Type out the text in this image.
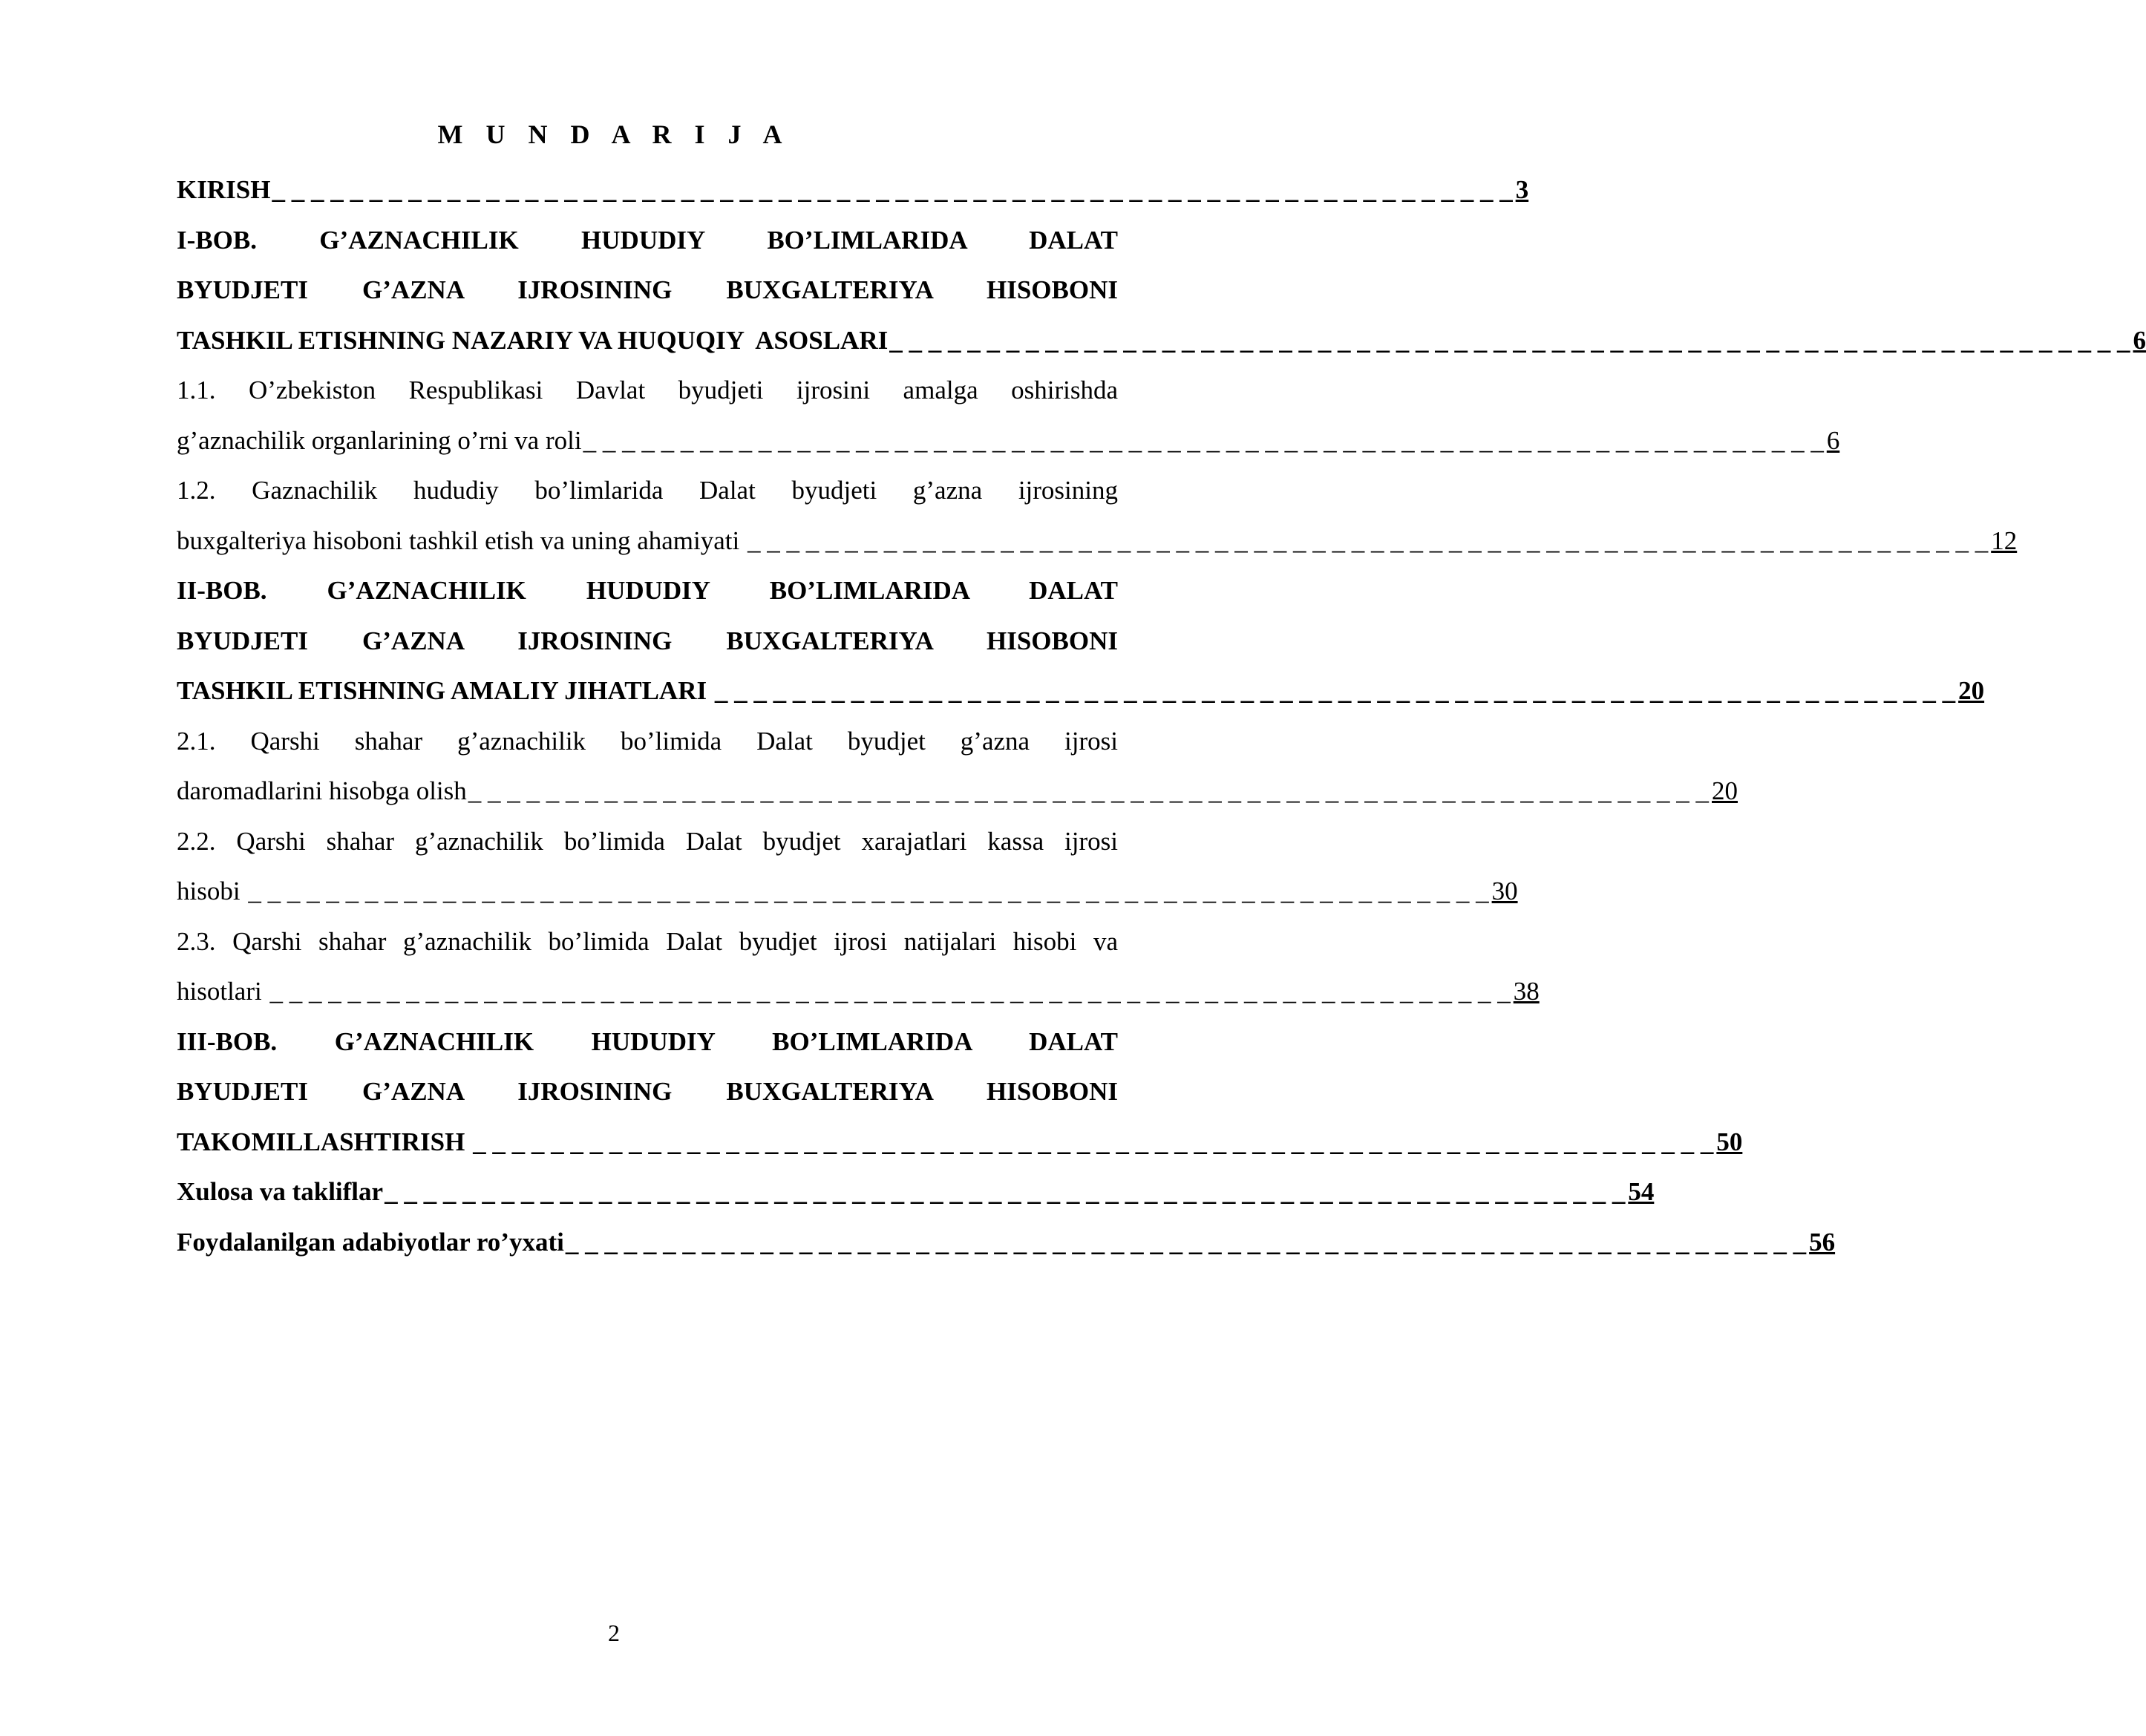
M U N D A R I J A
KIRISH _ _ _ _ _ _ _ _ _ _ _ _ _ _ _ _ _ _ _ _ _ _ _ _ _ _ _ _ _ _ _ _ _ _ _ _ _ _ _ _ _ _ _ _ _ _ _ _ _ _ _ _ _ _ _ _ _ _ _ _ _ _ _ _ 3
I-BOB. G’AZNACHILIK HUDUDIY BO’LIMLARIDA DALAT
BYUDJETI G’AZNA IJROSINING BUXGALTERIYA HISOBONI
TASHKIL ETISHNING NAZARIY VA HUQUQIY  ASOSLARI _ _ _ _ _ _ _ _ _ _ _ _ _ _ _ _ _ _ _ _ _ _ _ _ _ _ _ _ _ _ _ _ _ _ _ _ _ _ _ _ _ _ _ _ _ _ _ _ _ _ _ _ _ _ _ _ _ _ _ _ _ _ _ _ 6
1.1. O’zbekiston Respublikasi Davlat byudjeti ijrosini amalga oshirishda
g’aznachilik organlarining o’rni va roli _ _ _ _ _ _ _ _ _ _ _ _ _ _ _ _ _ _ _ _ _ _ _ _ _ _ _ _ _ _ _ _ _ _ _ _ _ _ _ _ _ _ _ _ _ _ _ _ _ _ _ _ _ _ _ _ _ _ _ _ _ _ _ _ 6
1.2. Gaznachilik hududiy bo’limlarida Dalat byudjeti g’azna ijrosining
buxgalteriya hisoboni tashkil etish va uning ahamiyati _ _ _ _ _ _ _ _ _ _ _ _ _ _ _ _ _ _ _ _ _ _ _ _ _ _ _ _ _ _ _ _ _ _ _ _ _ _ _ _ _ _ _ _ _ _ _ _ _ _ _ _ _ _ _ _ _ _ _ _ _ _ _ _ 12
II-BOB. G’AZNACHILIK HUDUDIY BO’LIMLARIDA DALAT
BYUDJETI G’AZNA IJROSINING BUXGALTERIYA HISOBONI
TASHKIL ETISHNING AMALIY JIHATLARI _ _ _ _ _ _ _ _ _ _ _ _ _ _ _ _ _ _ _ _ _ _ _ _ _ _ _ _ _ _ _ _ _ _ _ _ _ _ _ _ _ _ _ _ _ _ _ _ _ _ _ _ _ _ _ _ _ _ _ _ _ _ _ _ 20
2.1. Qarshi shahar g’aznachilik bo’limida Dalat byudjet g’azna ijrosi
daromadlarini hisobga olish _ _ _ _ _ _ _ _ _ _ _ _ _ _ _ _ _ _ _ _ _ _ _ _ _ _ _ _ _ _ _ _ _ _ _ _ _ _ _ _ _ _ _ _ _ _ _ _ _ _ _ _ _ _ _ _ _ _ _ _ _ _ _ _ 20
2.2. Qarshi shahar g’aznachilik bo’limida Dalat byudjet xarajatlari kassa ijrosi
hisobi _ _ _ _ _ _ _ _ _ _ _ _ _ _ _ _ _ _ _ _ _ _ _ _ _ _ _ _ _ _ _ _ _ _ _ _ _ _ _ _ _ _ _ _ _ _ _ _ _ _ _ _ _ _ _ _ _ _ _ _ _ _ _ _ 30
2.3. Qarshi shahar g’aznachilik bo’limida Dalat byudjet ijrosi natijalari hisobi va
hisotlari _ _ _ _ _ _ _ _ _ _ _ _ _ _ _ _ _ _ _ _ _ _ _ _ _ _ _ _ _ _ _ _ _ _ _ _ _ _ _ _ _ _ _ _ _ _ _ _ _ _ _ _ _ _ _ _ _ _ _ _ _ _ _ _ 38
III-BOB. G’AZNACHILIK HUDUDIY BO’LIMLARIDA DALAT
BYUDJETI G’AZNA IJROSINING BUXGALTERIYA HISOBONI
TAKOMILLASHTIRISH _ _ _ _ _ _ _ _ _ _ _ _ _ _ _ _ _ _ _ _ _ _ _ _ _ _ _ _ _ _ _ _ _ _ _ _ _ _ _ _ _ _ _ _ _ _ _ _ _ _ _ _ _ _ _ _ _ _ _ _ _ _ _ _ 50
Xulosa va takliflar _ _ _ _ _ _ _ _ _ _ _ _ _ _ _ _ _ _ _ _ _ _ _ _ _ _ _ _ _ _ _ _ _ _ _ _ _ _ _ _ _ _ _ _ _ _ _ _ _ _ _ _ _ _ _ _ _ _ _ _ _ _ _ _ 54
Foydalanilgan adabiyotlar ro’yxati _ _ _ _ _ _ _ _ _ _ _ _ _ _ _ _ _ _ _ _ _ _ _ _ _ _ _ _ _ _ _ _ _ _ _ _ _ _ _ _ _ _ _ _ _ _ _ _ _ _ _ _ _ _ _ _ _ _ _ _ _ _ _ _ 56
2
